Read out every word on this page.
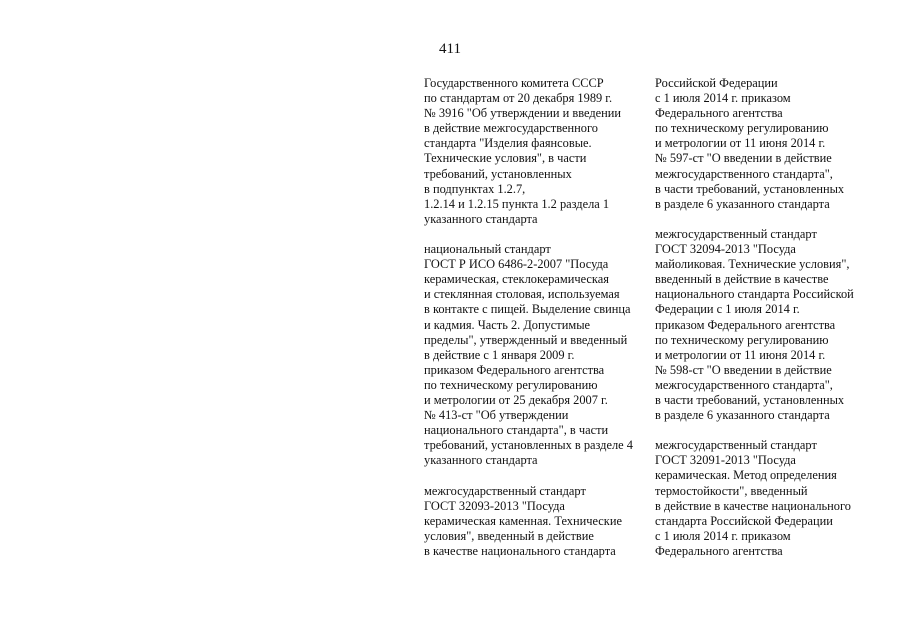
411
Государственного комитета СССР
по стандартам от 20 декабря 1989 г.
№ 3916 "Об утверждении и введении
в действие межгосударственного
стандарта "Изделия фаянсовые.
Технические условия", в части
требований, установленных
в подпунктах 1.2.7,
1.2.14 и 1.2.15 пункта 1.2 раздела 1
указанного стандарта
национальный стандарт
ГОСТ Р ИСО 6486-2-2007 "Посуда
керамическая, стеклокерамическая
и стеклянная столовая, используемая
в контакте с пищей. Выделение свинца
и кадмия. Часть 2. Допустимые
пределы", утвержденный и введенный
в действие с 1 января 2009 г.
приказом Федерального агентства
по техническому регулированию
и метрологии от 25 декабря 2007 г.
№ 413-ст "Об утверждении
национального стандарта", в части
требований, установленных в разделе 4
указанного стандарта
межгосударственный стандарт
ГОСТ 32093-2013 "Посуда
керамическая каменная. Технические
условия", введенный в действие
в качестве национального стандарта
Российской Федерации
с 1 июля 2014 г. приказом
Федерального агентства
по техническому регулированию
и метрологии от 11 июня 2014 г.
№ 597-ст "О введении в действие
межгосударственного стандарта",
в части требований, установленных
в разделе 6 указанного стандарта
межгосударственный стандарт
ГОСТ 32094-2013 "Посуда
майоликовая. Технические условия",
введенный в действие в качестве
национального стандарта Российской
Федерации с 1 июля 2014 г.
приказом Федерального агентства
по техническому регулированию
и метрологии от 11 июня 2014 г.
№ 598-ст "О введении в действие
межгосударственного стандарта",
в части требований, установленных
в разделе 6 указанного стандарта
межгосударственный стандарт
ГОСТ 32091-2013 "Посуда
керамическая. Метод определения
термостойкости", введенный
в действие в качестве национального
стандарта Российской Федерации
с 1 июля 2014 г. приказом
Федерального агентства
